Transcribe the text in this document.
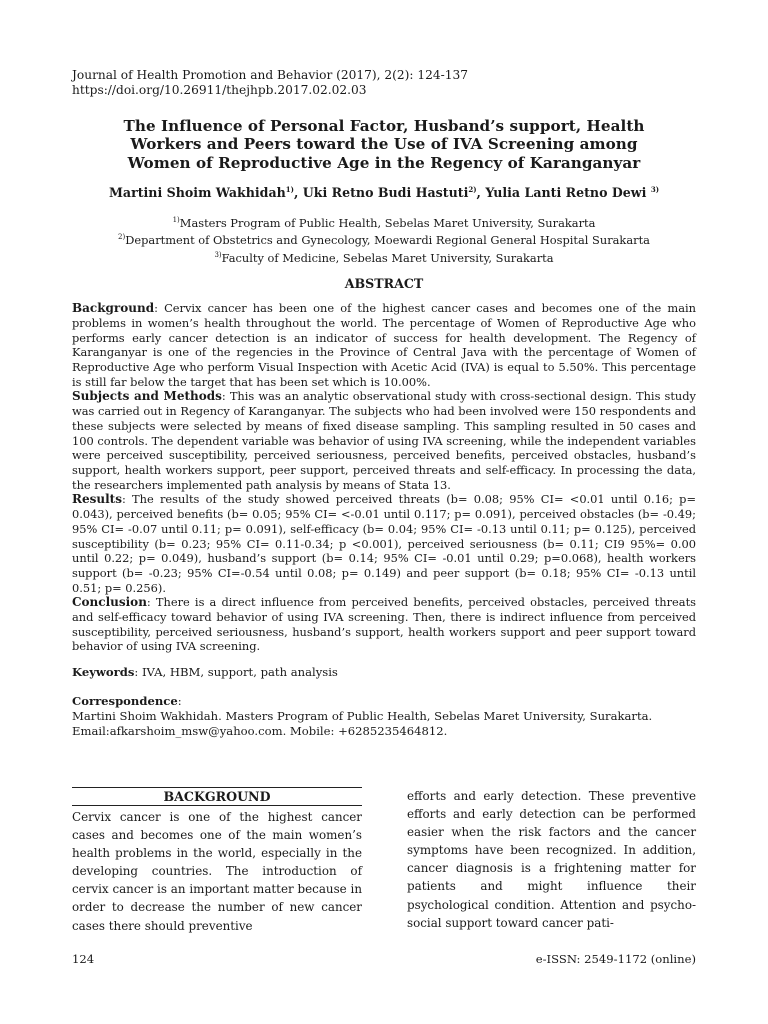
Journal of Health Promotion and Behavior (2017), 2(2): 124-137
https://doi.org/10.26911/thejhpb.2017.02.02.03
The Influence of Personal Factor, Husband’s support, Health
Workers and Peers toward the Use of IVA Screening among
Women of Reproductive Age in the Regency of Karanganyar
Martini Shoim Wakhidah$^{1)}$, Uki Retno Budi Hastuti$^{2)}$, Yulia Lanti Retno Dewi $^{3)}$
$^{1)}$Masters Program of Public Health, Sebelas Maret University, Surakarta
$^{2)}$Department of Obstetrics and Gynecology, Moewardi Regional General Hospital Surakarta
$^{3)}$Faculty of Medicine, Sebelas Maret University, Surakarta
ABSTRACT

Background: Cervix cancer has been one of the highest cancer cases and becomes one of the main problems in women’s health throughout the world. The percentage of Women of Reproductive Age who performs early cancer detection is an indicator of success for health development. The Regency of Karanganyar is one of the regencies in the Province of Central Java with the percentage of Women of Reproductive Age who perform Visual Inspection with Acetic Acid (IVA) is equal to 5.50%. This percentage is still far below the target that has been set which is 10.00%.

Subjects and Methods: This was an analytic observational study with cross-sectional design. This study was carried out in Regency of Karanganyar. The subjects who had been involved were 150 respondents and these subjects were selected by means of fixed disease sampling. This sampling resulted in 50 cases and 100 controls. The dependent variable was behavior of using IVA screening, while the independent variables were perceived susceptibility, perceived seriousness, perceived benefits, perceived obstacles, husband’s support, health workers support, peer support, perceived threats and self-efficacy. In processing the data, the researchers implemented path analysis by means of Stata 13.

Results: The results of the study showed perceived threats (b= 0.08; 95% CI= <0.01 until 0.16; p= 0.043), perceived benefits (b= 0.05; 95% CI= <-0.01 until 0.117; p= 0.091), perceived obstacles (b= -0.49; 95% CI= -0.07 until 0.11; p= 0.091), self-efficacy (b= 0.04; 95% CI= -0.13 until 0.11; p= 0.125), perceived susceptibility (b= 0.23; 95% CI= 0.11-0.34; p <0.001), perceived seriousness (b= 0.11; CI9 95%= 0.00 until 0.22; p= 0.049), husband’s support (b= 0.14; 95% CI= -0.01 until 0.29; p=0.068), health workers support (b= -0.23; 95% CI=-0.54 until 0.08; p= 0.149) and peer support (b= 0.18; 95% CI= -0.13 until 0.51; p= 0.256).

Conclusion: There is a direct influence from perceived benefits, perceived obstacles, perceived threats and self-efficacy toward behavior of using IVA screening. Then, there is indirect influence from perceived susceptibility, perceived seriousness, husband’s support, health workers support and peer support toward behavior of using IVA screening.

Keywords: IVA, HBM, support, path analysis
Correspondence:
Martini Shoim Wakhidah. Masters Program of Public Health, Sebelas Maret University, Surakarta.
Email:afkarshoim_msw@yahoo.com. Mobile: +6285235464812.
BACKGROUND

Cervix cancer is one of the highest cancer cases and becomes one of the main women’s health problems in the world, especially in the developing countries. The introduction of cervix cancer is an important matter because in order to decrease the number of new cancer cases there should preventive

efforts and early detection. These preventive efforts and early detection can be performed easier when the risk factors and the cancer symptoms have been recognized. In addition, cancer diagnosis is a frightening matter for patients and might influence their psychological condition. Attention and psycho-social support toward cancer pati-

124	e-ISSN: 2549-1172 (online)
